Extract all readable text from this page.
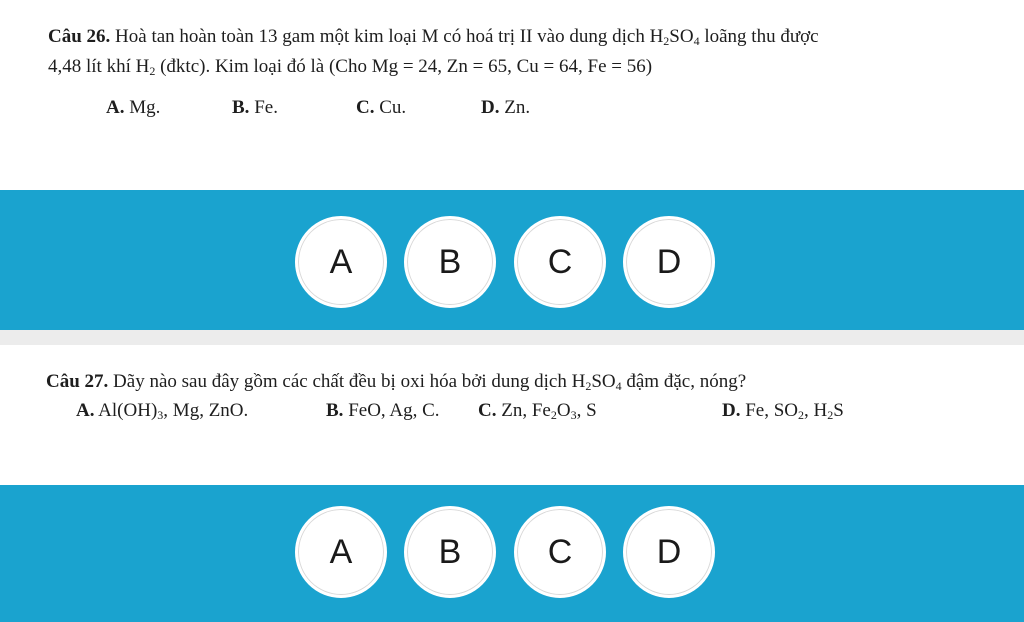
Câu 26. Hoà tan hoàn toàn 13 gam một kim loại M có hoá trị II vào dung dịch $H_2SO_4$ loãng thu được
4,48 lít khí $H_2$ (đktc). Kim loại đó là (Cho Mg = 24, Zn = 65, Cu = 64, Fe = 56)
A. Mg.	B. Fe.	C. Cu.	D. Zn.
A	B	C	D
Câu 27. Dãy nào sau đây gồm các chất đều bị oxi hóa bởi dung dịch $H_2SO_4$ đậm đặc, nóng?
A. $Al(OH)_3$, Mg, ZnO.	B. FeO, Ag, C. C. Zn, $Fe_2O_3$, S	D. Fe, $SO_2$, $H_2S$
A	B	C	D
